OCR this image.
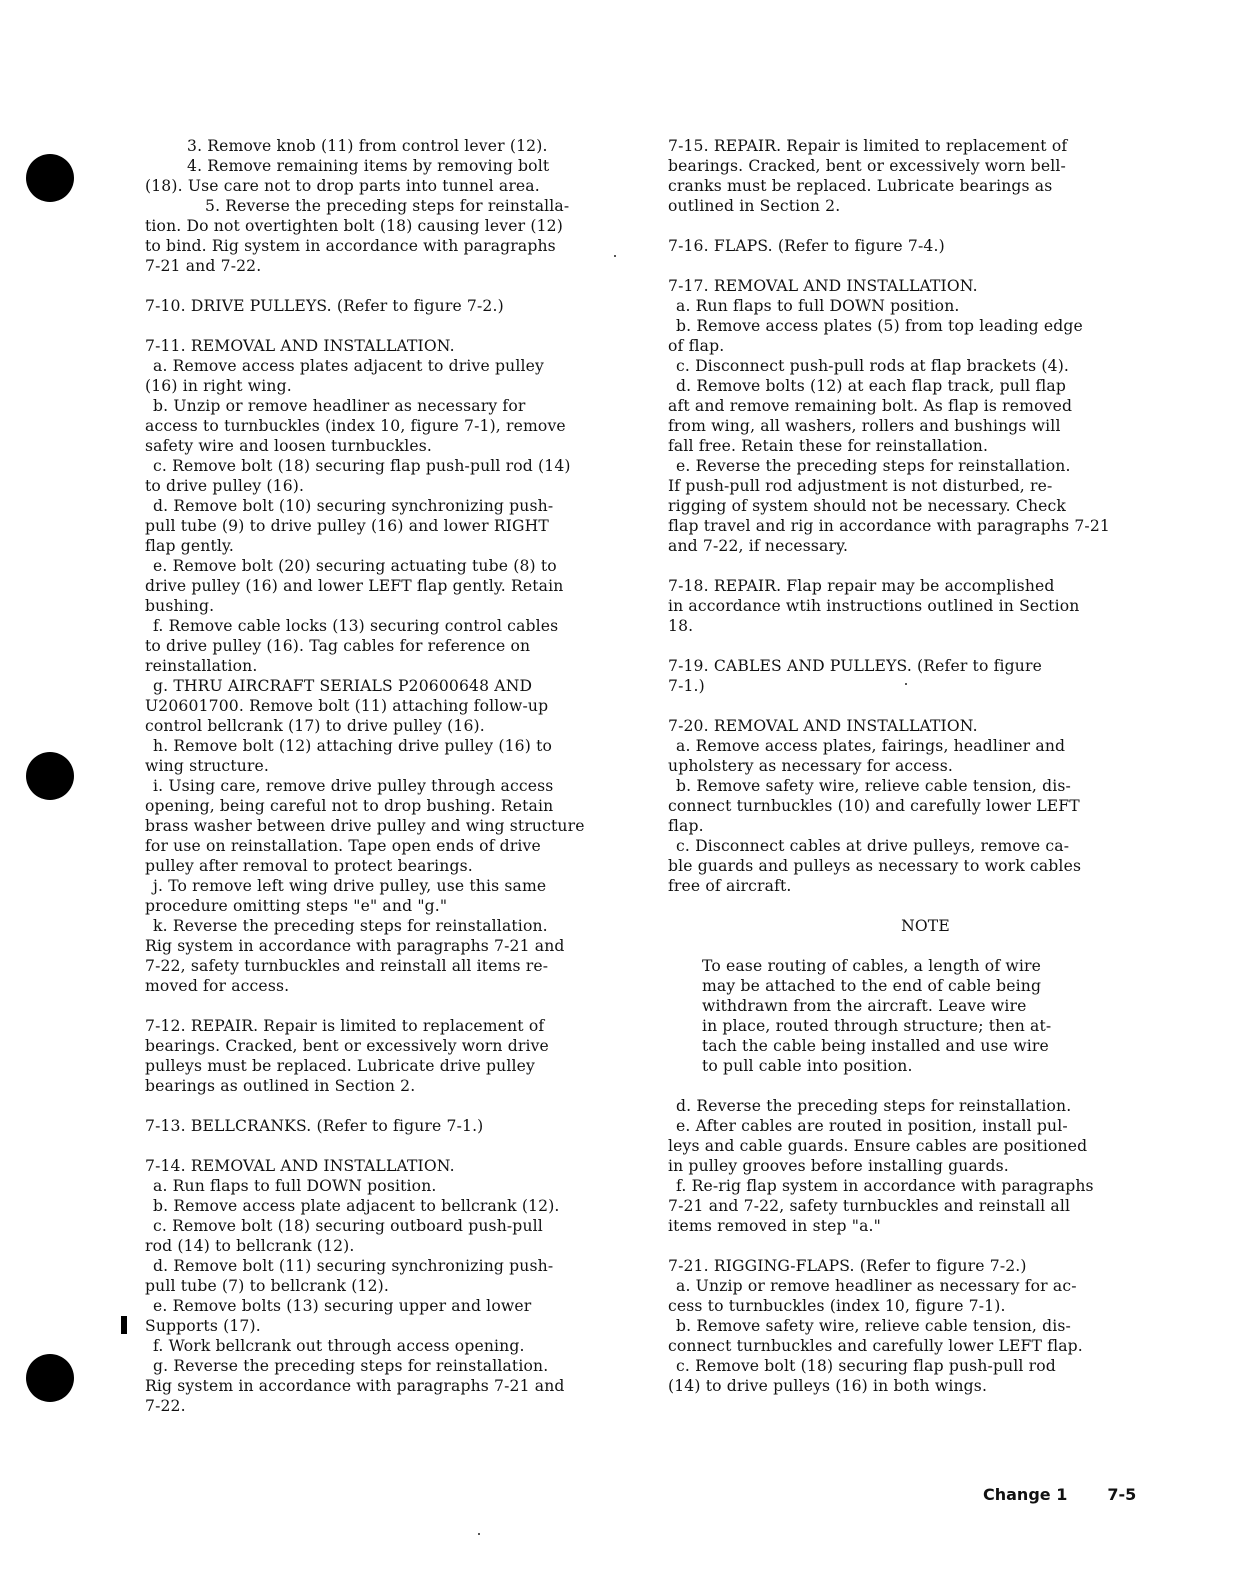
3. Remove knob (11) from control lever (12).

4. Remove remaining items by removing bolt

(18). Use care not to drop parts into tunnel area.

5. Reverse the preceding steps for reinstalla-

tion. Do not overtighten bolt (18) causing lever (12)

to bind. Rig system in accordance with paragraphs

7-21 and 7-22.

7-10. DRIVE PULLEYS. (Refer to figure 7-2.)

7-11. REMOVAL AND INSTALLATION.

a. Remove access plates adjacent to drive pulley

(16) in right wing.

b. Unzip or remove headliner as necessary for

access to turnbuckles (index 10, figure 7-1), remove

safety wire and loosen turnbuckles.

c. Remove bolt (18) securing flap push-pull rod (14)

to drive pulley (16).

d. Remove bolt (10) securing synchronizing push-

pull tube (9) to drive pulley (16) and lower RIGHT

flap gently.

e. Remove bolt (20) securing actuating tube (8) to

drive pulley (16) and lower LEFT flap gently. Retain

bushing.

f. Remove cable locks (13) securing control cables

to drive pulley (16). Tag cables for reference on

reinstallation.

g. THRU AIRCRAFT SERIALS P20600648 AND

U20601700. Remove bolt (11) attaching follow-up

control bellcrank (17) to drive pulley (16).

h. Remove bolt (12) attaching drive pulley (16) to

wing structure.

i. Using care, remove drive pulley through access

opening, being careful not to drop bushing. Retain

brass washer between drive pulley and wing structure

for use on reinstallation. Tape open ends of drive

pulley after removal to protect bearings.

j. To remove left wing drive pulley, use this same

procedure omitting steps "e" and "g."

k. Reverse the preceding steps for reinstallation.

Rig system in accordance with paragraphs 7-21 and

7-22, safety turnbuckles and reinstall all items re-

moved for access.

7-12. REPAIR. Repair is limited to replacement of

bearings. Cracked, bent or excessively worn drive

pulleys must be replaced. Lubricate drive pulley

bearings as outlined in Section 2.

7-13. BELLCRANKS. (Refer to figure 7-1.)

7-14. REMOVAL AND INSTALLATION.

a. Run flaps to full DOWN position.

b. Remove access plate adjacent to bellcrank (12).

c. Remove bolt (18) securing outboard push-pull

rod (14) to bellcrank (12).

d. Remove bolt (11) securing synchronizing push-

pull tube (7) to bellcrank (12).

e. Remove bolts (13) securing upper and lower

Supports (17).

f. Work bellcrank out through access opening.

g. Reverse the preceding steps for reinstallation.

Rig system in accordance with paragraphs 7-21 and

7-22.

7-15. REPAIR. Repair is limited to replacement of

bearings. Cracked, bent or excessively worn bell-

cranks must be replaced. Lubricate bearings as

outlined in Section 2.

7-16. FLAPS. (Refer to figure 7-4.)

7-17. REMOVAL AND INSTALLATION.

a. Run flaps to full DOWN position.

b. Remove access plates (5) from top leading edge

of flap.

c. Disconnect push-pull rods at flap brackets (4).

d. Remove bolts (12) at each flap track, pull flap

aft and remove remaining bolt. As flap is removed

from wing, all washers, rollers and bushings will

fall free. Retain these for reinstallation.

e. Reverse the preceding steps for reinstallation.

If push-pull rod adjustment is not disturbed, re-

rigging of system should not be necessary. Check

flap travel and rig in accordance with paragraphs 7-21

and 7-22, if necessary.

7-18. REPAIR. Flap repair may be accomplished

in accordance wtih instructions outlined in Section

18.

7-19. CABLES AND PULLEYS. (Refer to figure

7-1.)

7-20. REMOVAL AND INSTALLATION.

a. Remove access plates, fairings, headliner and

upholstery as necessary for access.

b. Remove safety wire, relieve cable tension, dis-

connect turnbuckles (10) and carefully lower LEFT

flap.

c. Disconnect cables at drive pulleys, remove ca-

ble guards and pulleys as necessary to work cables

free of aircraft.

NOTE

To ease routing of cables, a length of wire

may be attached to the end of cable being

withdrawn from the aircraft. Leave wire

in place, routed through structure; then at-

tach the cable being installed and use wire

to pull cable into position.

d. Reverse the preceding steps for reinstallation.

e. After cables are routed in position, install pul-

leys and cable guards. Ensure cables are positioned

in pulley grooves before installing guards.

f. Re-rig flap system in accordance with paragraphs

7-21 and 7-22, safety turnbuckles and reinstall all

items removed in step "a."

7-21. RIGGING-FLAPS. (Refer to figure 7-2.)

a. Unzip or remove headliner as necessary for ac-

cess to turnbuckles (index 10, figure 7-1).

b. Remove safety wire, relieve cable tension, dis-

connect turnbuckles and carefully lower LEFT flap.

c. Remove bolt (18) securing flap push-pull rod

(14) to drive pulleys (16) in both wings.

Change 1	7-5
